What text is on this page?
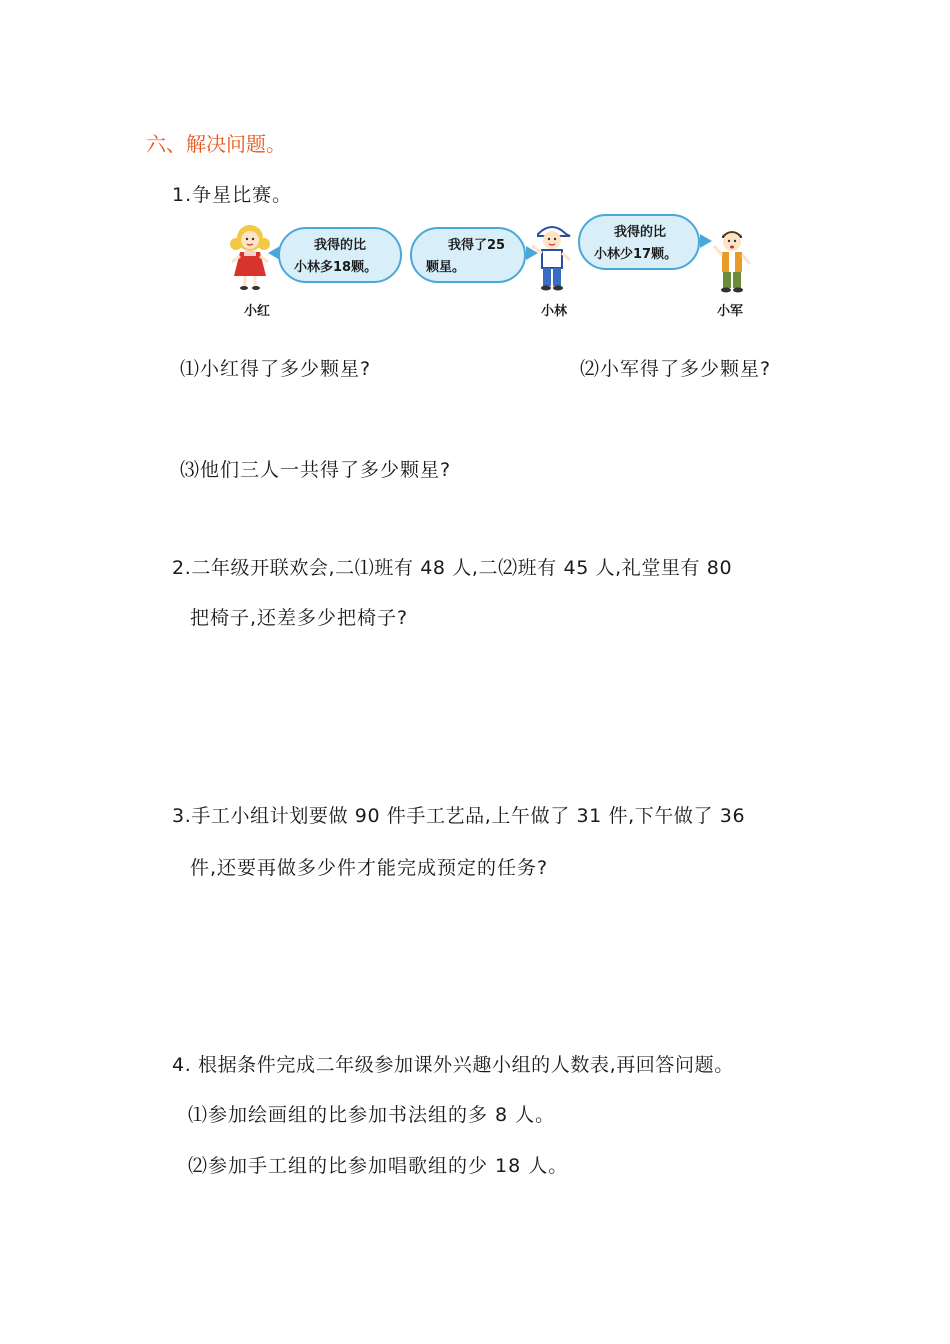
六、解决问题。
1.争星比赛。
我得的比
小林多18颗。
我得了25
颗星。
我得的比
小林少17颗。
小红	小林	小军
⑴小红得了多少颗星?	⑵小军得了多少颗星?
⑶他们三人一共得了多少颗星?
2.二年级开联欢会,二⑴班有 48 人,二⑵班有 45 人,礼堂里有 80
把椅子,还差多少把椅子?
3.手工小组计划要做 90 件手工艺品,上午做了 31 件,下午做了 36
件,还要再做多少件才能完成预定的任务?
4. 根据条件完成二年级参加课外兴趣小组的人数表,再回答问题。
⑴参加绘画组的比参加书法组的多 8 人。
⑵参加手工组的比参加唱歌组的少 18 人。
